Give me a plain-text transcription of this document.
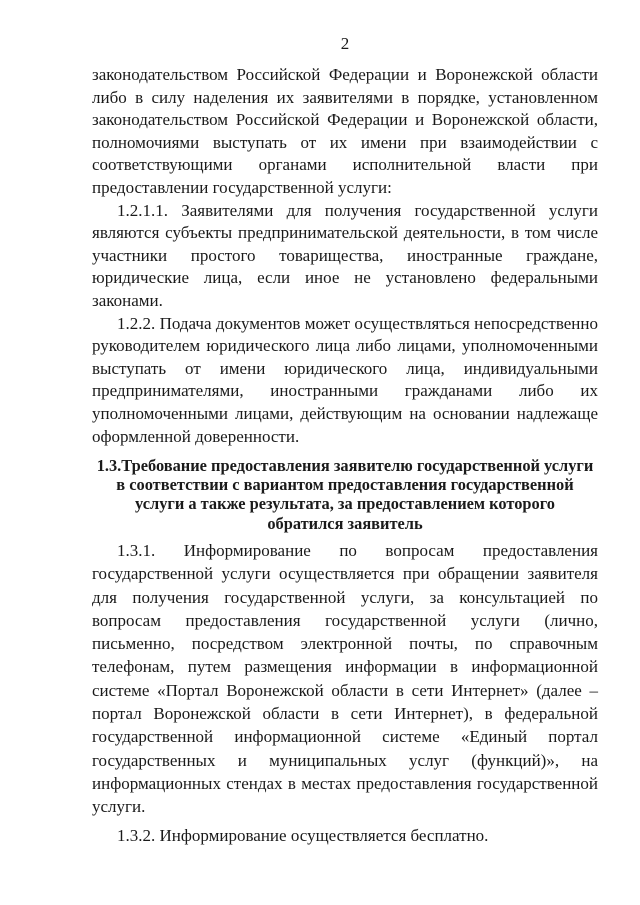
2

законодательством Российской Федерации и Воронежской области либо в силу наделения их заявителями в порядке, установленном законодательством Российской Федерации и Воронежской области, полномочиями выступать от их имени при взаимодействии с соответствующими органами исполнительной власти при предоставлении государственной услуги:

1.2.1.1. Заявителями для получения государственной услуги являются субъекты предпринимательской деятельности, в том числе участники простого товарищества, иностранные граждане, юридические лица, если иное не установлено федеральными законами.

1.2.2. Подача документов может осуществляться непосредственно руководителем юридического лица либо лицами, уполномоченными выступать от имени юридического лица, индивидуальными предпринимателями, иностранными гражданами либо их уполномоченными лицами, действующим на основании надлежаще оформленной доверенности.

1.3.Требование предоставления заявителю государственной услуги
в соответствии с вариантом предоставления государственной
услуги а также результата, за предоставлением которого
обратился заявитель

1.3.1. Информирование по вопросам предоставления государственной услуги осуществляется при обращении заявителя для получения государственной услуги, за консультацией по вопросам предоставления государственной услуги (лично, письменно, посредством электронной почты, по справочным телефонам, путем размещения информации в информационной системе «Портал Воронежской области в сети Интернет» (далее – портал Воронежской области в сети Интернет), в федеральной государственной информационной системе «Единый портал государственных и муниципальных услуг (функций)», на информационных стендах в местах предоставления государственной услуги.

1.3.2. Информирование осуществляется бесплатно.
